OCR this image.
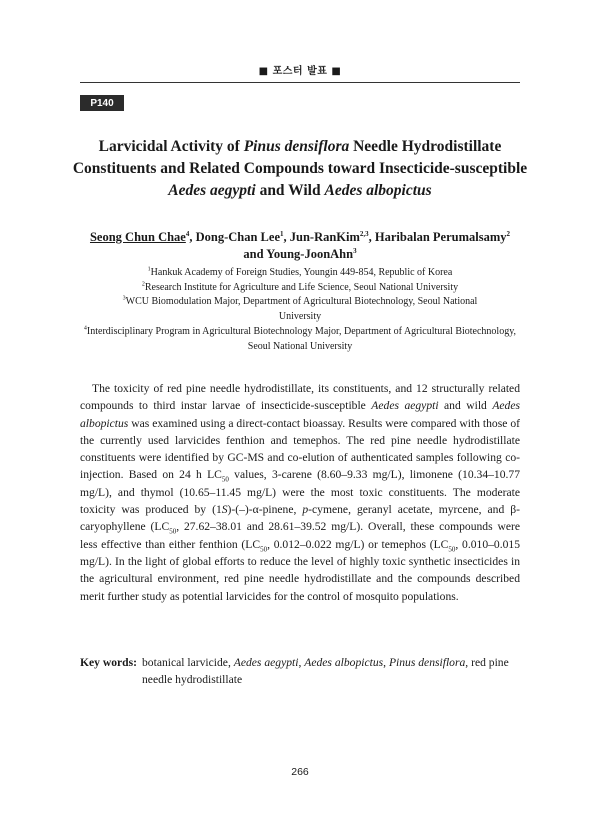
■ 포스터 발표 ■
P140
Larvicidal Activity of Pinus densiflora Needle Hydrodistillate Constituents and Related Compounds toward Insecticide-susceptible Aedes aegypti and Wild Aedes albopictus
Seong Chun Chae$^4$, Dong-Chan Lee$^1$, Jun-RanKim$^{2,3}$, Haribalan Perumalsamy$^2$
and Young-JoonAhn$^3$
$^1$Hankuk Academy of Foreign Studies, Youngin 449-854, Republic of Korea
$^2$Research Institute for Agriculture and Life Science, Seoul National University
$^3$WCU Biomodulation Major, Department of Agricultural Biotechnology, Seoul National University
$^4$Interdisciplinary Program in Agricultural Biotechnology Major, Department of Agricultural Biotechnology, Seoul National University

The toxicity of red pine needle hydrodistillate, its constituents, and 12 structurally related compounds to third instar larvae of insecticide-susceptible Aedes aegypti and wild Aedes albopictus was examined using a direct-contact bioassay. Results were compared with those of the currently used larvicides fenthion and temephos. The red pine needle hydrodistillate constituents were identified by GC-MS and co-elution of authenticated samples following co-injection. Based on 24 h $LC_{50}$ values, 3-carene (8.60–9.33 mg/L), limonene (10.34–10.77 mg/L), and thymol (10.65–11.45 mg/L) were the most toxic constituents. The moderate toxicity was produced by (1S)-(–)-α-pinene, p-cymene, geranyl acetate, myrcene, and β-caryophyllene ($LC_{50}$, 27.62–38.01 and 28.61–39.52 mg/L). Overall, these compounds were less effective than either fenthion ($LC_{50}$, 0.012–0.022 mg/L) or temephos ($LC_{50}$, 0.010–0.015 mg/L). In the light of global efforts to reduce the level of highly toxic synthetic insecticides in the agricultural environment, red pine needle hydrodistillate and the compounds described merit further study as potential larvicides for the control of mosquito populations.

Key words: botanical larvicide, Aedes aegypti, Aedes albopictus, Pinus densiflora, red pine needle hydrodistillate
266
